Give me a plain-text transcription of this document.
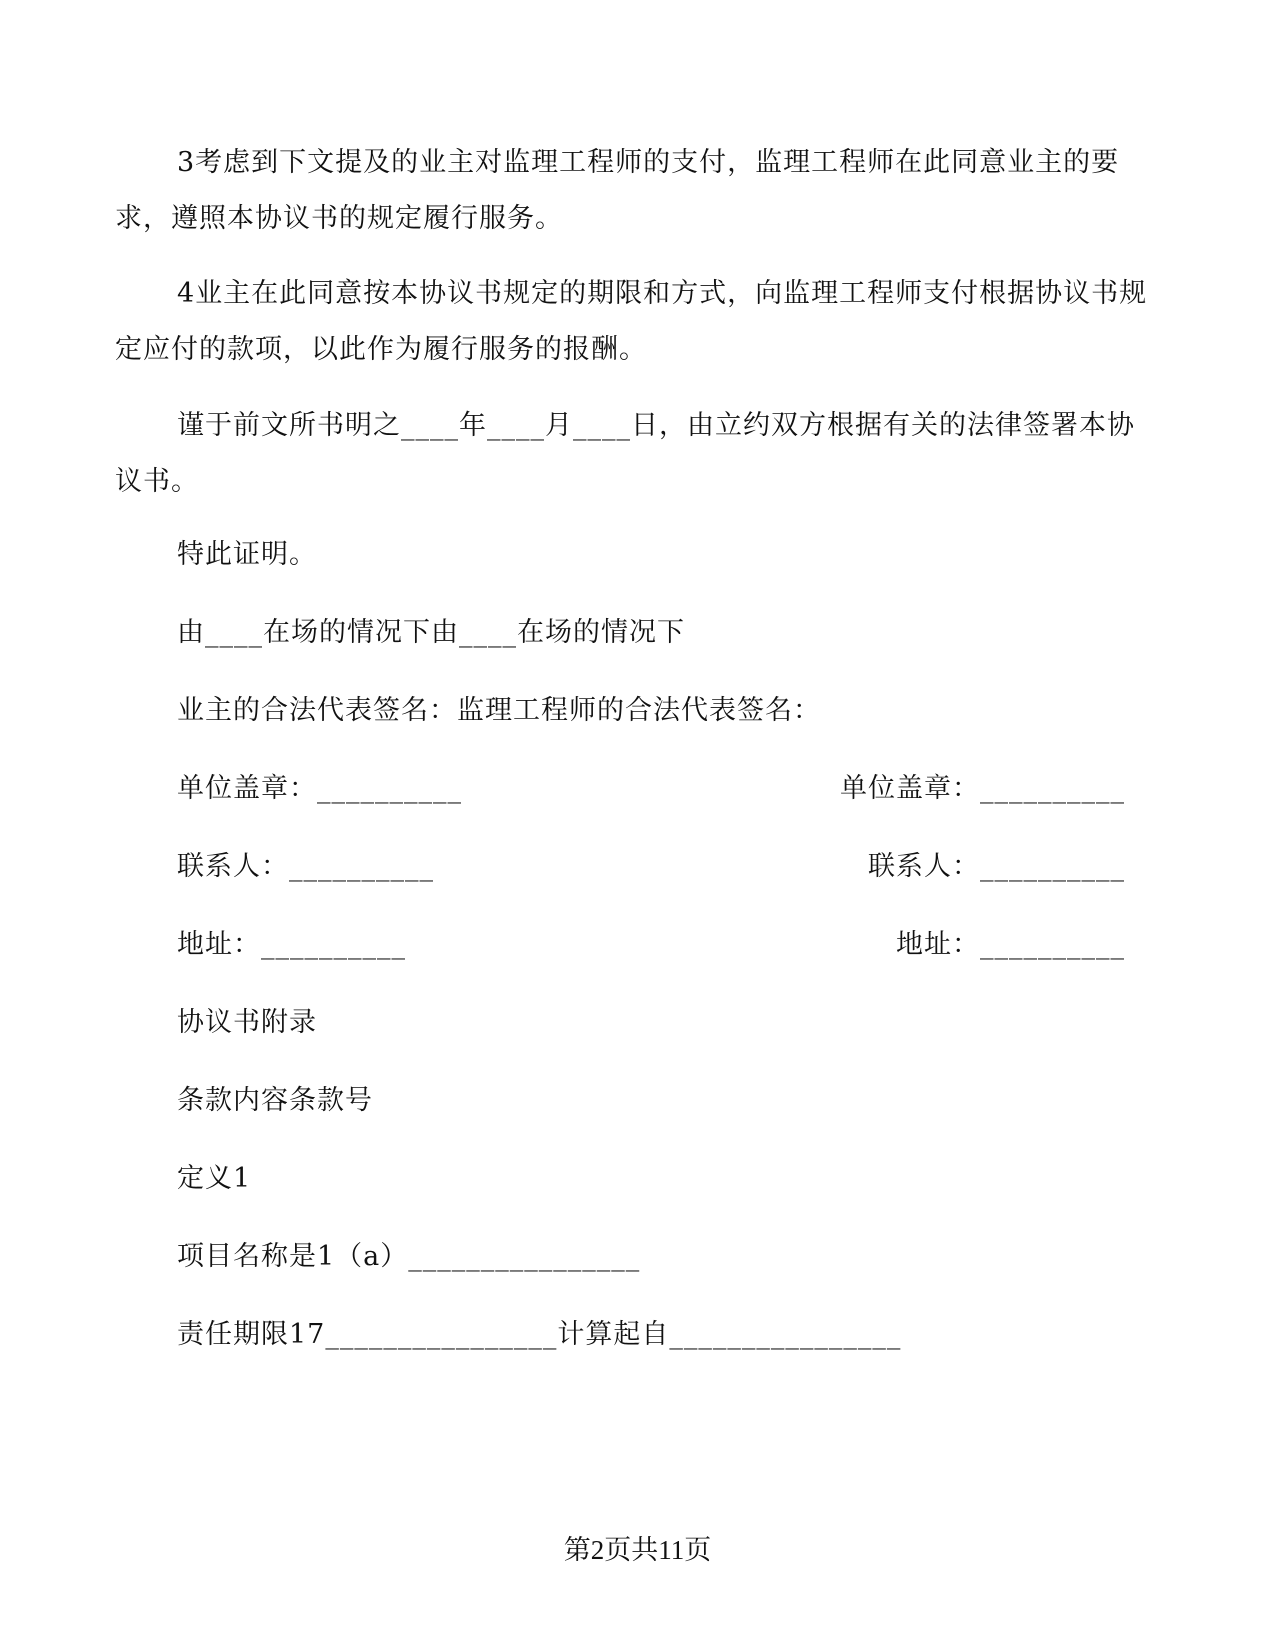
3考虑到下文提及的业主对监理工程师的支付，监理工程师在此同意业主的要求，遵照本协议书的规定履行服务。

4业主在此同意按本协议书规定的期限和方式，向监理工程师支付根据协议书规定应付的款项，以此作为履行服务的报酬。

谨于前文所书明之____年____月____日，由立约双方根据有关的法律签署本协议书。

特此证明。

由____在场的情况下由____在场的情况下

业主的合法代表签名：监理工程师的合法代表签名：

单位盖章：__________	单位盖章：__________

联系人：__________	联系人：__________

地址：__________	地址：__________

协议书附录

条款内容条款号

定义1

项目名称是1（a）________________

责任期限17________________计算起自________________

第2页共11页
